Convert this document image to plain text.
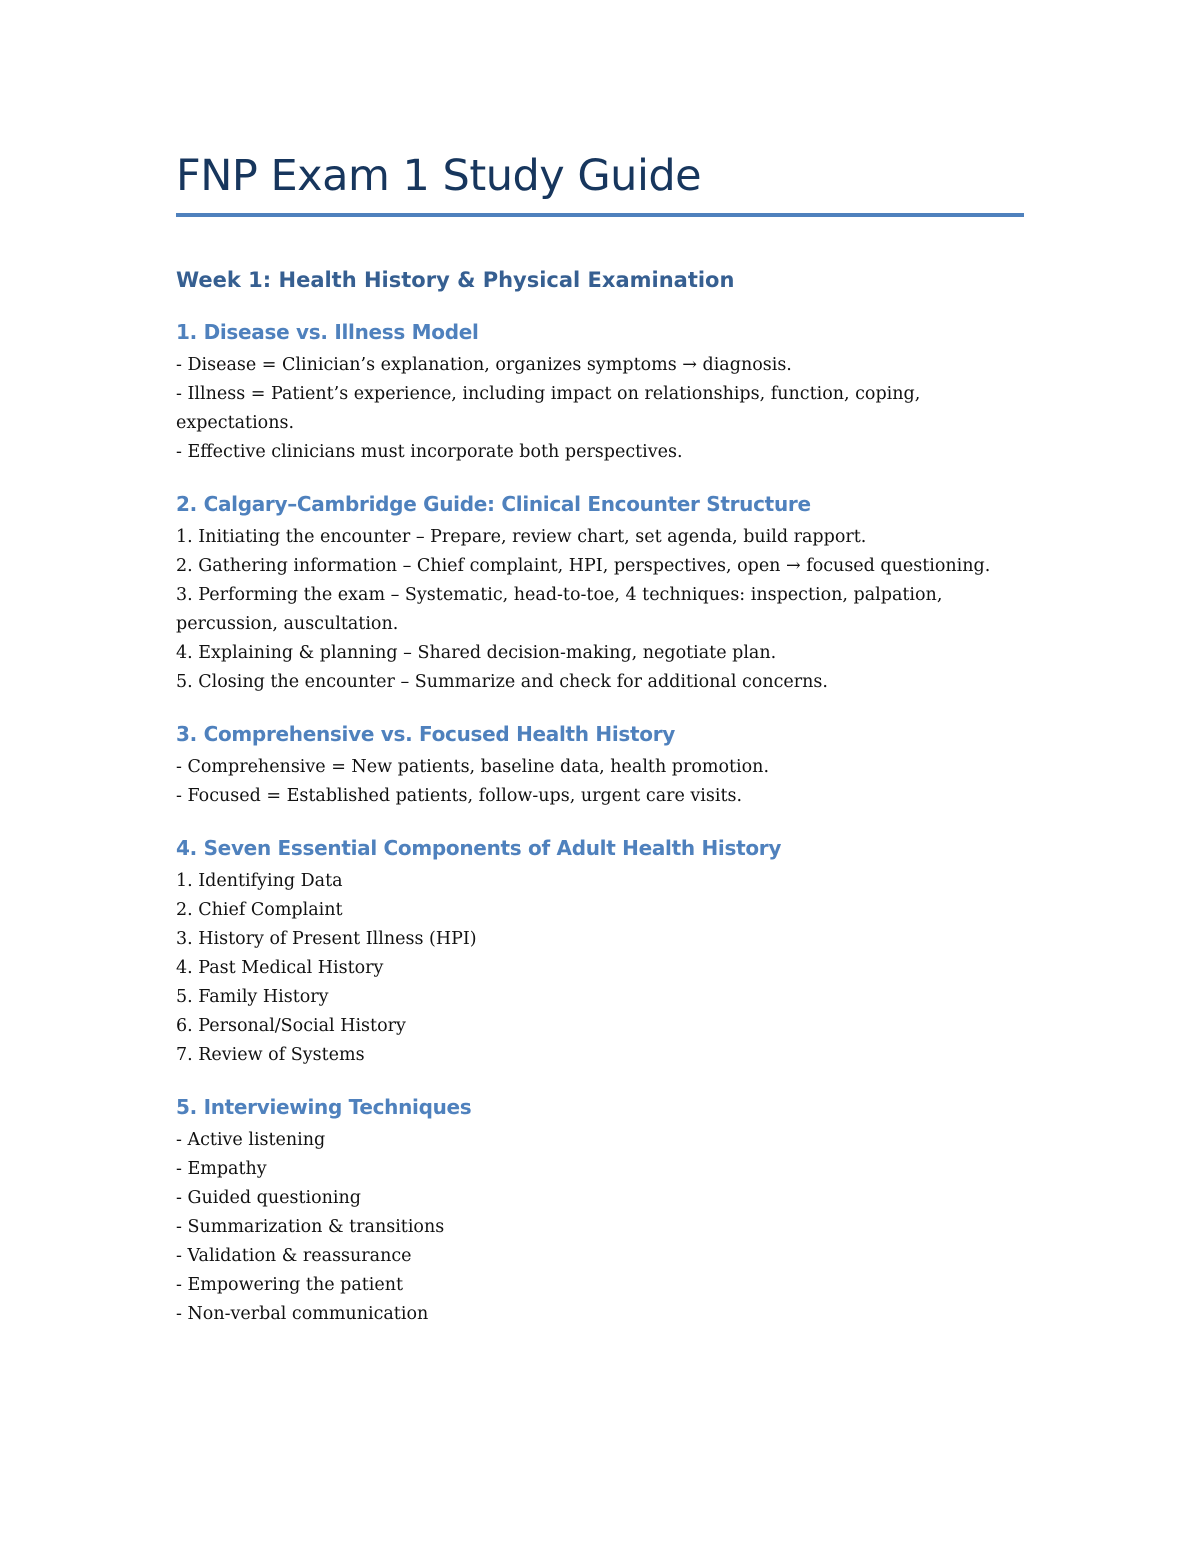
FNP Exam 1 Study Guide
Week 1: Health History & Physical Examination
1. Disease vs. Illness Model

- Disease = Clinician’s explanation, organizes symptoms → diagnosis.

- Illness = Patient’s experience, including impact on relationships, function, coping,

expectations.

- Effective clinicians must incorporate both perspectives.

2. Calgary–Cambridge Guide: Clinical Encounter Structure

1. Initiating the encounter – Prepare, review chart, set agenda, build rapport.

2. Gathering information – Chief complaint, HPI, perspectives, open → focused questioning.

3. Performing the exam – Systematic, head-to-toe, 4 techniques: inspection, palpation,

percussion, auscultation.

4. Explaining & planning – Shared decision-making, negotiate plan.

5. Closing the encounter – Summarize and check for additional concerns.

3. Comprehensive vs. Focused Health History

- Comprehensive = New patients, baseline data, health promotion.

- Focused = Established patients, follow-ups, urgent care visits.

4. Seven Essential Components of Adult Health History

1. Identifying Data

2. Chief Complaint

3. History of Present Illness (HPI)

4. Past Medical History

5. Family History

6. Personal/Social History

7. Review of Systems

5. Interviewing Techniques

- Active listening

- Empathy

- Guided questioning

- Summarization & transitions

- Validation & reassurance

- Empowering the patient

- Non-verbal communication
